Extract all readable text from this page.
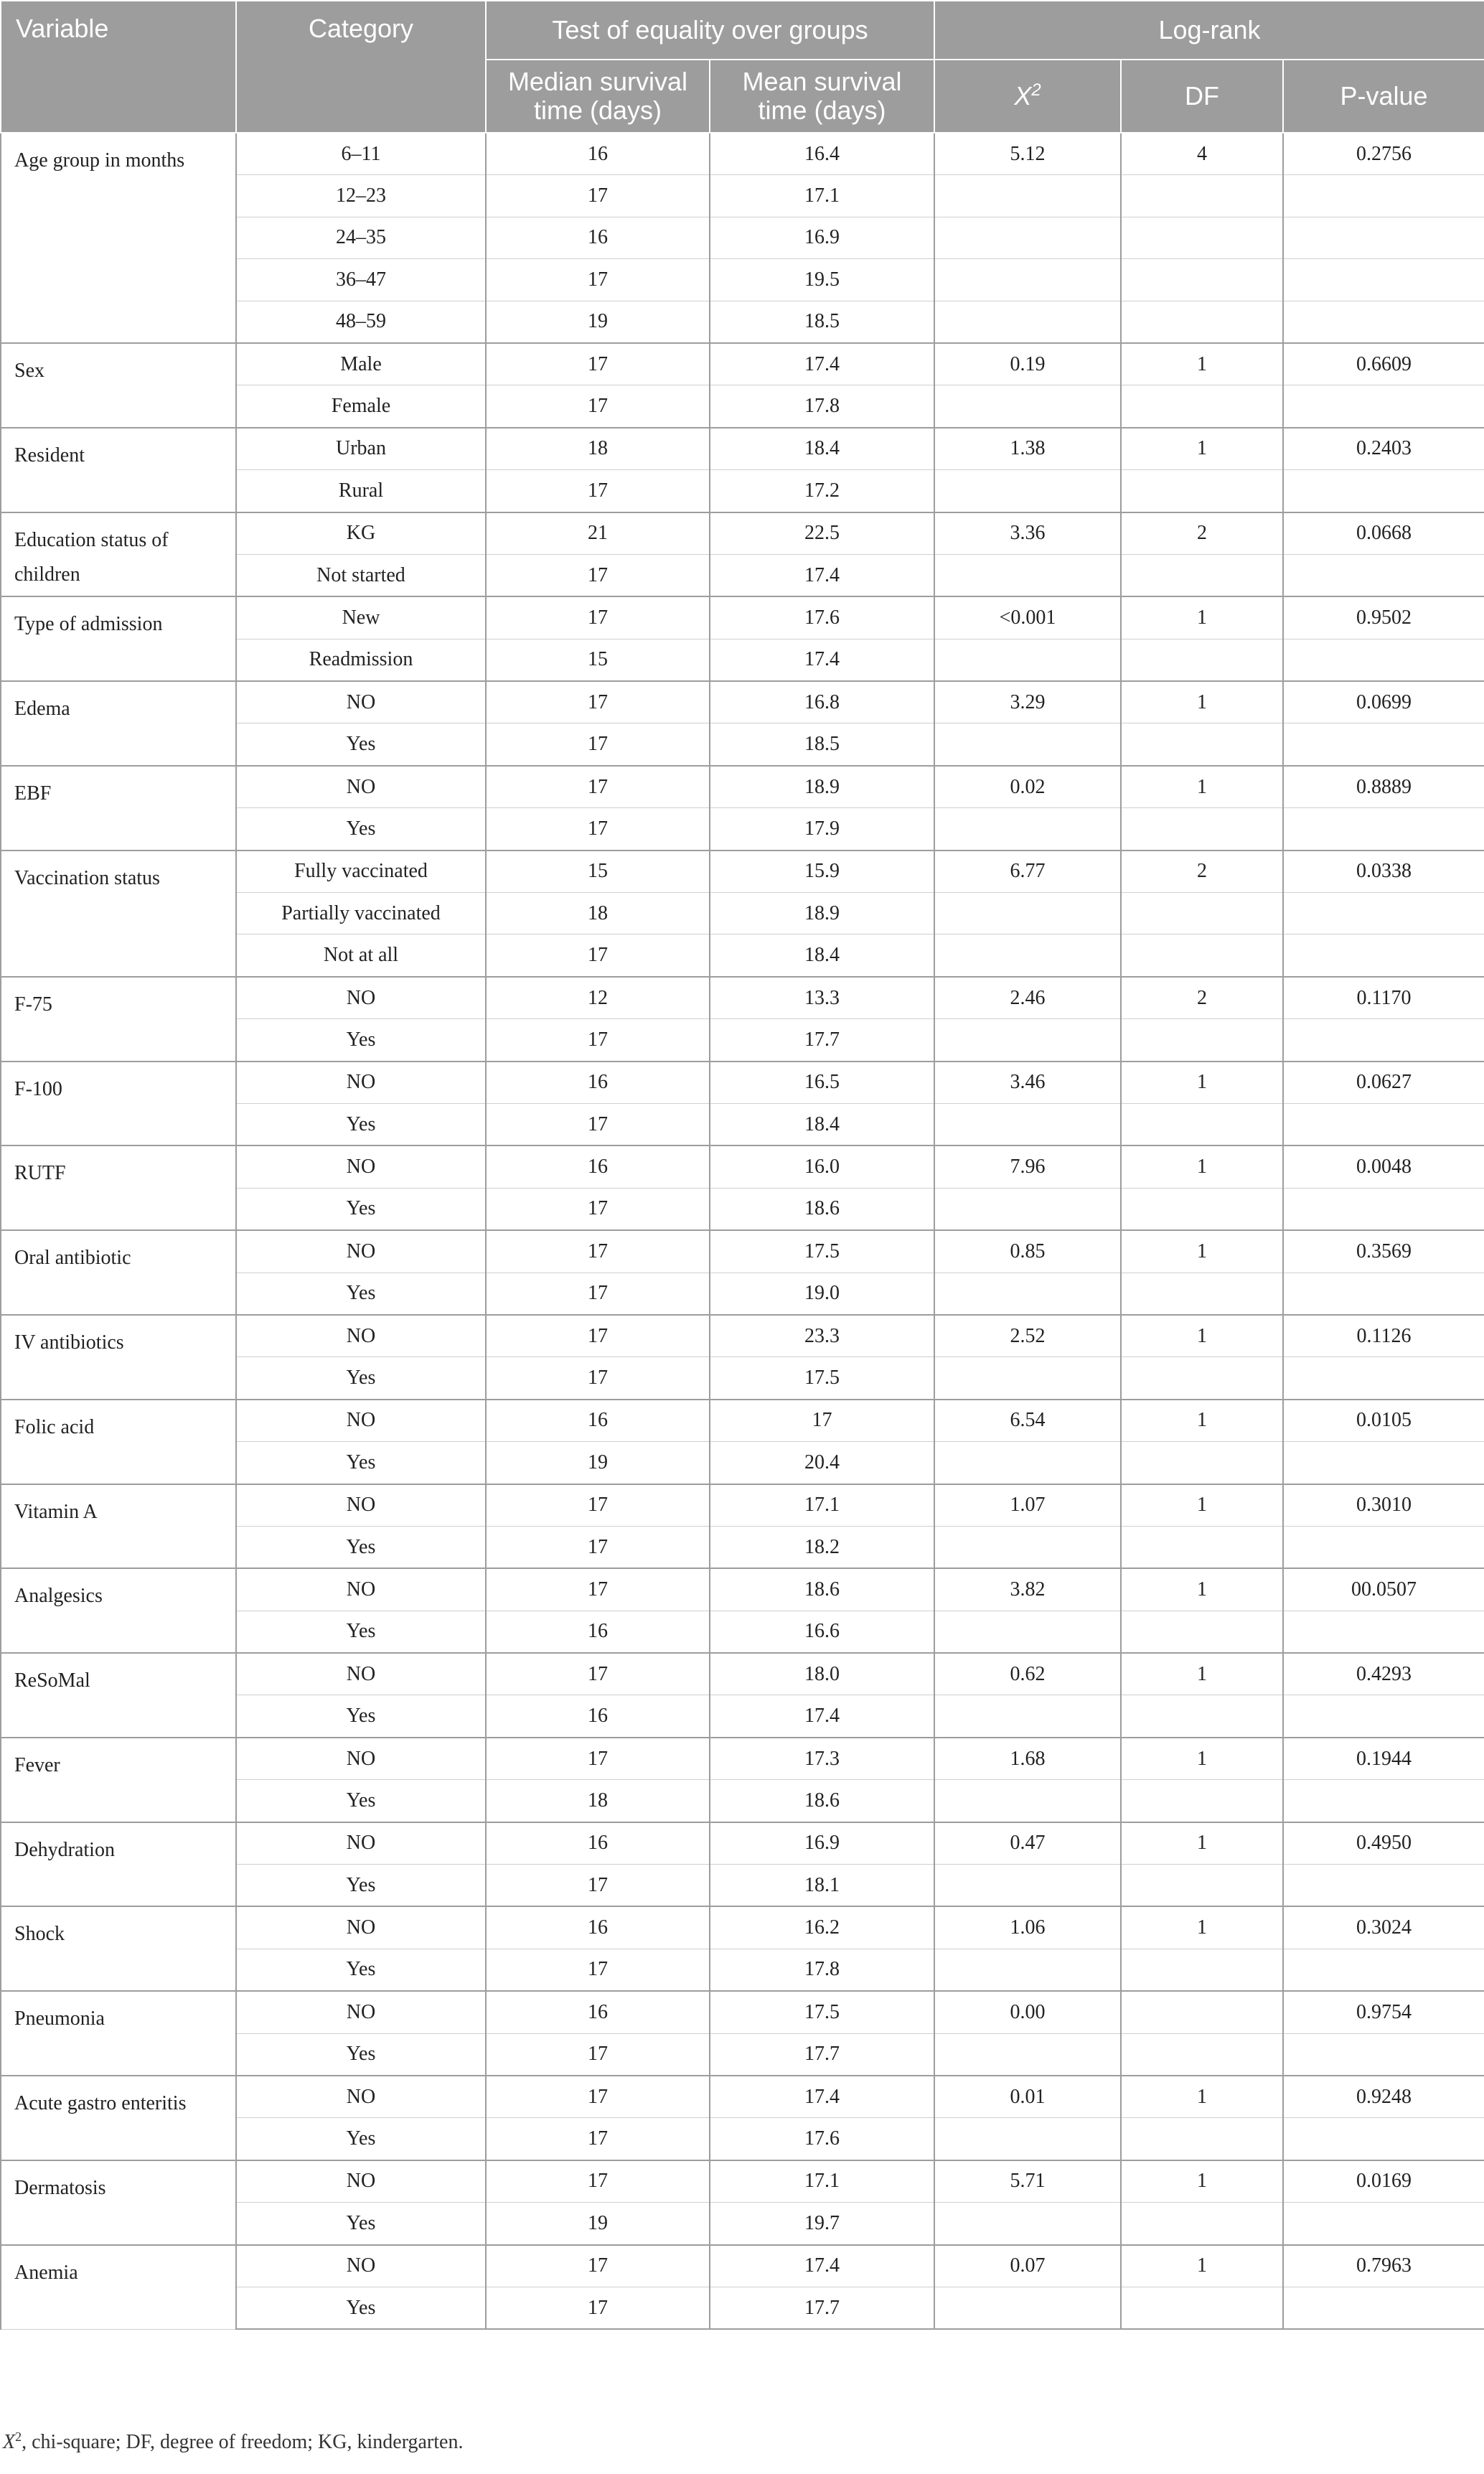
Variable	Category	Test of equality over groups		Log-rank		
		Median survival time (days)	Mean survival time (days)	$X^2$	DF	P-value
Age group in months	6–11	16	16.4	5.12	4	0.2756
	12–23	17	17.1			
	24–35	16	16.9			
	36–47	17	19.5			
	48–59	19	18.5			
Sex	Male	17	17.4	0.19	1	0.6609
	Female	17	17.8			
Resident	Urban	18	18.4	1.38	1	0.2403
	Rural	17	17.2			
Education status of children	KG	21	22.5	3.36	2	0.0668
	Not started	17	17.4			
Type of admission	New	17	17.6	<0.001	1	0.9502
	Readmission	15	17.4			
Edema	NO	17	16.8	3.29	1	0.0699
	Yes	17	18.5			
EBF	NO	17	18.9	0.02	1	0.8889
	Yes	17	17.9			
Vaccination status	Fully vaccinated	15	15.9	6.77	2	0.0338
	Partially vaccinated	18	18.9			
	Not at all	17	18.4			
F-75	NO	12	13.3	2.46	2	0.1170
	Yes	17	17.7			
F-100	NO	16	16.5	3.46	1	0.0627
	Yes	17	18.4			
RUTF	NO	16	16.0	7.96	1	0.0048
	Yes	17	18.6			
Oral antibiotic	NO	17	17.5	0.85	1	0.3569
	Yes	17	19.0			
IV antibiotics	NO	17	23.3	2.52	1	0.1126
	Yes	17	17.5			
Folic acid	NO	16	17	6.54	1	0.0105
	Yes	19	20.4			
Vitamin A	NO	17	17.1	1.07	1	0.3010
	Yes	17	18.2			
Analgesics	NO	17	18.6	3.82	1	00.0507
	Yes	16	16.6			
ReSoMal	NO	17	18.0	0.62	1	0.4293
	Yes	16	17.4			
Fever	NO	17	17.3	1.68	1	0.1944
	Yes	18	18.6			
Dehydration	NO	16	16.9	0.47	1	0.4950
	Yes	17	18.1			
Shock	NO	16	16.2	1.06	1	0.3024
	Yes	17	17.8			
Pneumonia	NO	16	17.5	0.00		0.9754
	Yes	17	17.7			
Acute gastro enteritis	NO	17	17.4	0.01	1	0.9248
	Yes	17	17.6			
Dermatosis	NO	17	17.1	5.71	1	0.0169
	Yes	19	19.7			
Anemia	NO	17	17.4	0.07	1	0.7963
	Yes	17	17.7			
$X^2$, chi-square; DF, degree of freedom; KG, kindergarten.
